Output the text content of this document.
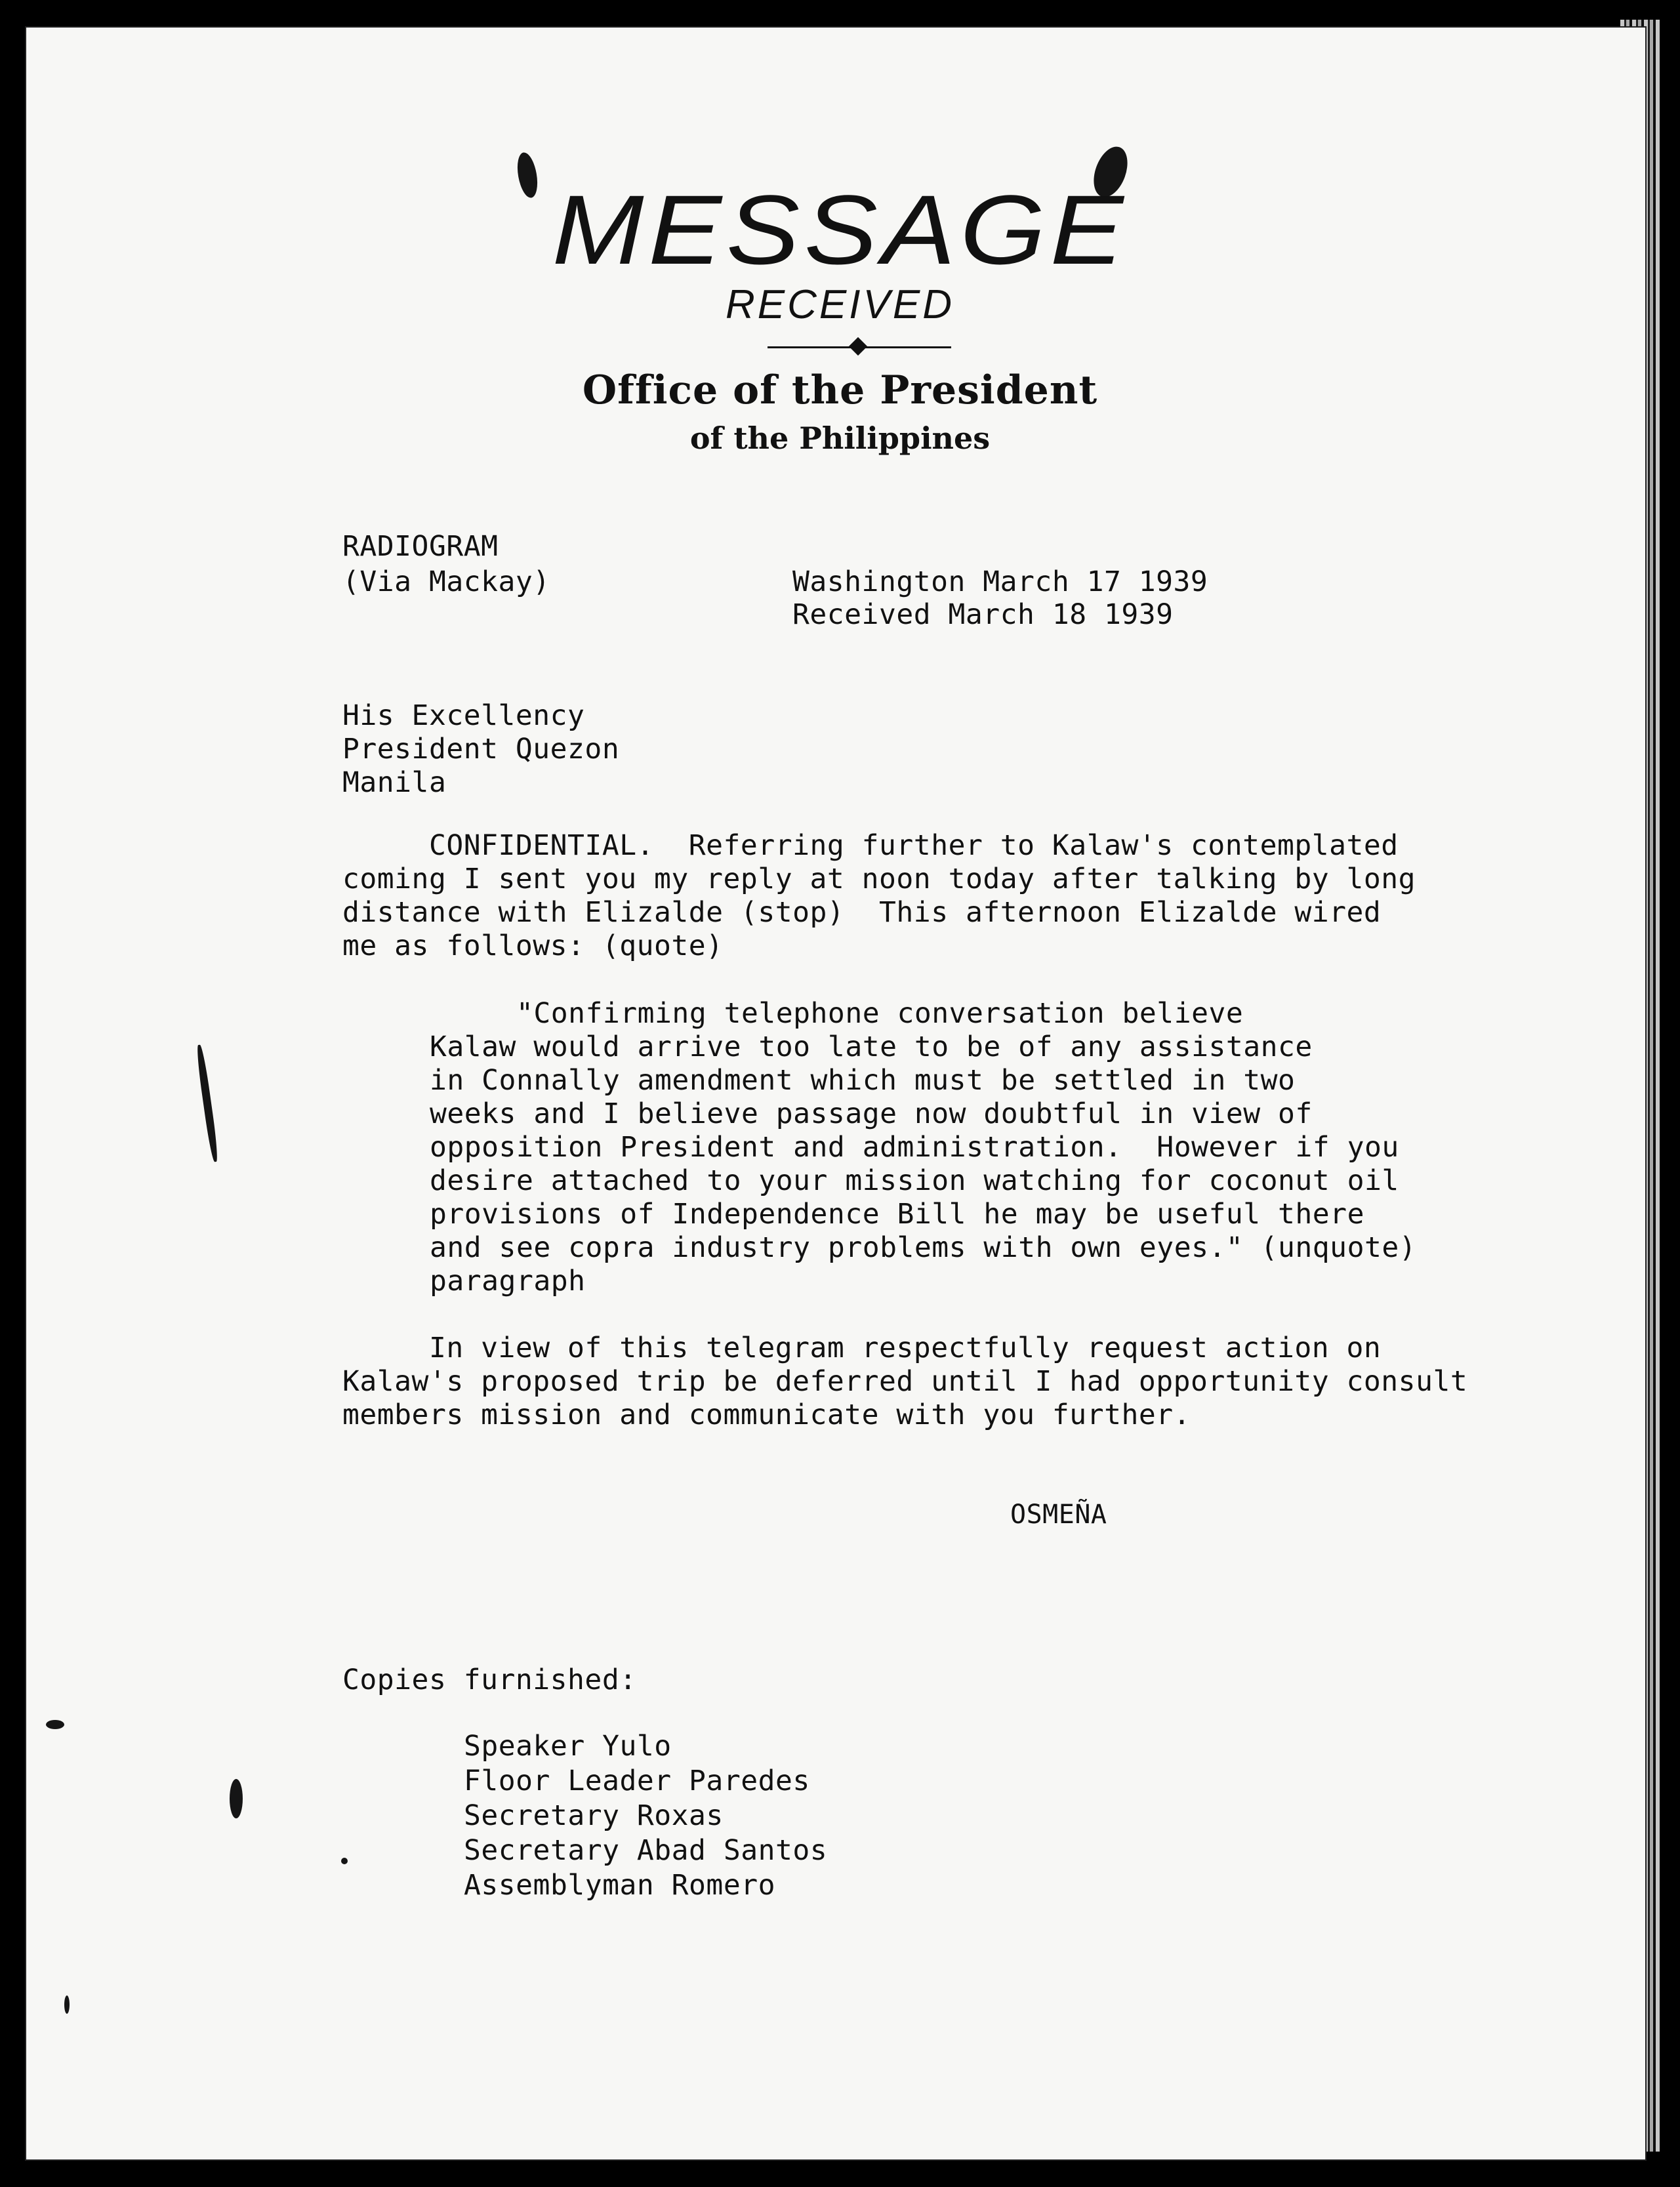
MESSAGE

RECEIVED

Office of the President

of the Philippines

RADIOGRAM

(Via Mackay)	Washington March 17 1939

Received March 18 1939

His Excellency

President Quezon

Manila

CONFIDENTIAL.  Referring further to Kalaw's contemplated

coming I sent you my reply at noon today after talking by long

distance with Elizalde (stop)  This afternoon Elizalde wired

me as follows: (quote)

"Confirming telephone conversation believe

Kalaw would arrive too late to be of any assistance

in Connally amendment which must be settled in two

weeks and I believe passage now doubtful in view of

opposition President and administration.  However if you

desire attached to your mission watching for coconut oil

provisions of Independence Bill he may be useful there

and see copra industry problems with own eyes." (unquote)

paragraph

In view of this telegram respectfully request action on

Kalaw's proposed trip be deferred until I had opportunity consult

members mission and communicate with you further.

OSMEÑA

Copies furnished:

Speaker Yulo

Floor Leader Paredes

Secretary Roxas

Secretary Abad Santos

Assemblyman Romero
